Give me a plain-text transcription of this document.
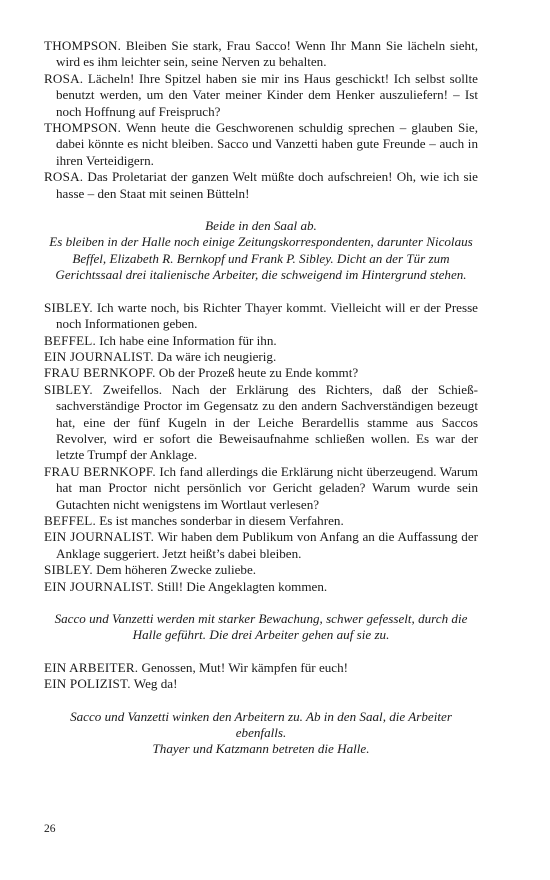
THOMPSON. Bleiben Sie stark, Frau Sacco! Wenn Ihr Mann Sie lächeln sieht, wird es ihm leichter sein, seine Nerven zu behalten.

ROSA. Lächeln! Ihre Spitzel haben sie mir ins Haus geschickt! Ich selbst sollte benutzt werden, um den Vater meiner Kinder dem Henker auszuliefern! – Ist noch Hoffnung auf Freispruch?

THOMPSON. Wenn heute die Geschworenen schuldig sprechen – glauben Sie, dabei könnte es nicht bleiben. Sacco und Vanzetti haben gute Freunde – auch in ihren Verteidigern.

ROSA. Das Proletariat der ganzen Welt müßte doch aufschreien! Oh, wie ich sie hasse – den Staat mit seinen Bütteln!

Beide in den Saal ab.

Es bleiben in der Halle noch einige Zeitungskorrespondenten, darunter Nicolaus Beffel, Elizabeth R. Bernkopf und Frank P. Sibley. Dicht an der Tür zum Gerichtssaal drei italienische Arbeiter, die schweigend im Hintergrund stehen.

SIBLEY. Ich warte noch, bis Richter Thayer kommt. Vielleicht will er der Presse noch Informationen geben.

BEFFEL. Ich habe eine Information für ihn.

EIN JOURNALIST. Da wäre ich neugierig.

FRAU BERNKOPF. Ob der Prozeß heute zu Ende kommt?

SIBLEY. Zweifellos. Nach der Erklärung des Richters, daß der Schießsachverständige Proctor im Gegensatz zu den andern Sachverständigen bezeugt hat, eine der fünf Kugeln in der Leiche Berardellis stamme aus Saccos Revolver, wird er sofort die Beweisaufnahme schließen wollen. Es war der letzte Trumpf der Anklage.

FRAU BERNKOPF. Ich fand allerdings die Erklärung nicht überzeugend. Warum hat man Proctor nicht persönlich vor Gericht geladen? Warum wurde sein Gutachten nicht wenigstens im Wortlaut verlesen?

BEFFEL. Es ist manches sonderbar in diesem Verfahren.

EIN JOURNALIST. Wir haben dem Publikum von Anfang an die Auffassung der Anklage suggeriert. Jetzt heißt’s dabei bleiben.

SIBLEY. Dem höheren Zwecke zuliebe.

EIN JOURNALIST. Still! Die Angeklagten kommen.

Sacco und Vanzetti werden mit starker Bewachung, schwer gefesselt, durch die Halle geführt. Die drei Arbeiter gehen auf sie zu.

EIN ARBEITER. Genossen, Mut! Wir kämpfen für euch!

EIN POLIZIST. Weg da!

Sacco und Vanzetti winken den Arbeitern zu. Ab in den Saal, die Arbeiter ebenfalls.

Thayer und Katzmann betreten die Halle.

26
